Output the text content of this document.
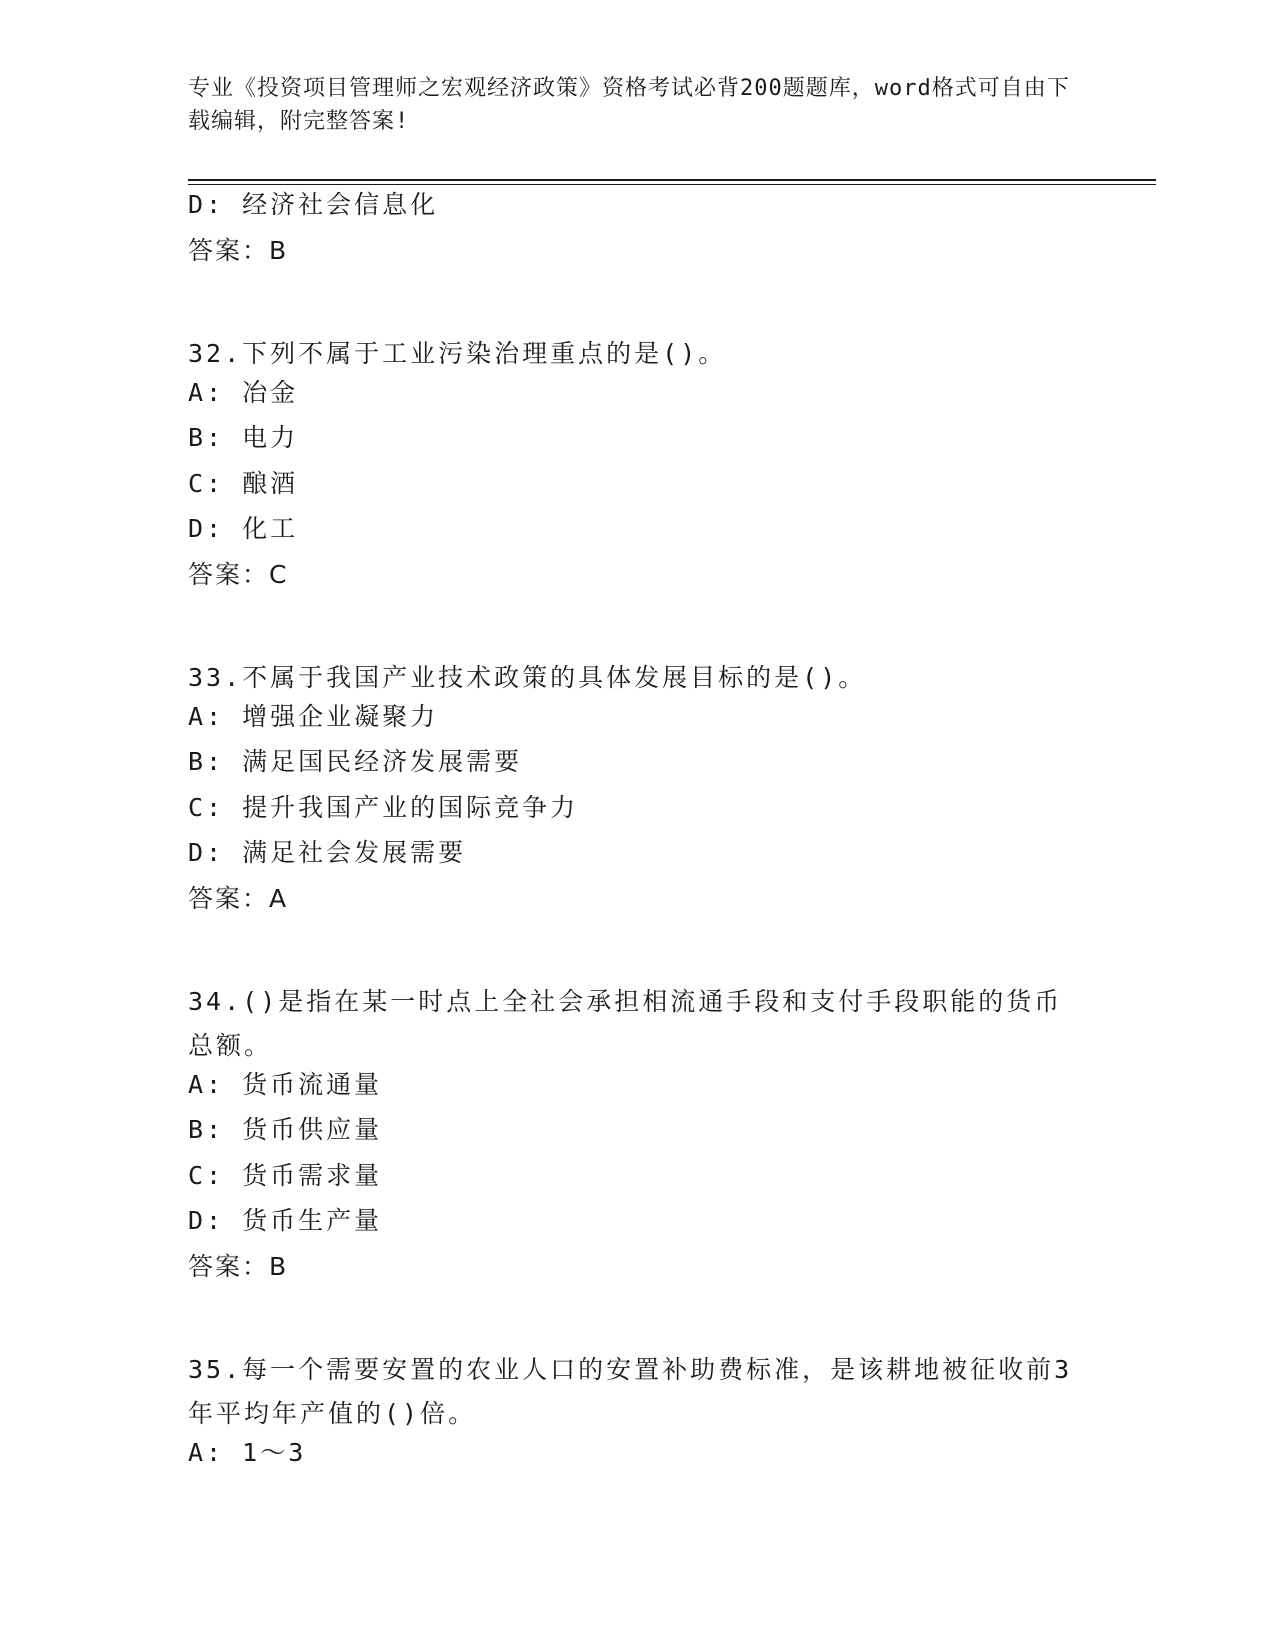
专业《投资项目管理师之宏观经济政策》资格考试必背200题题库，word格式可自由下载编辑，附完整答案!

D: 经济社会信息化

答案：B

32.下列不属于工业污染治理重点的是()。

A: 冶金

B: 电力

C: 酿酒

D: 化工

答案：C

33.不属于我国产业技术政策的具体发展目标的是()。

A: 增强企业凝聚力

B: 满足国民经济发展需要

C: 提升我国产业的国际竞争力

D: 满足社会发展需要

答案：A

34.()是指在某一时点上全社会承担相流通手段和支付手段职能的货币总额。

A: 货币流通量

B: 货币供应量

C: 货币需求量

D: 货币生产量

答案：B

35.每一个需要安置的农业人口的安置补助费标准，是该耕地被征收前3年平均年产值的()倍。

A: 1～3
